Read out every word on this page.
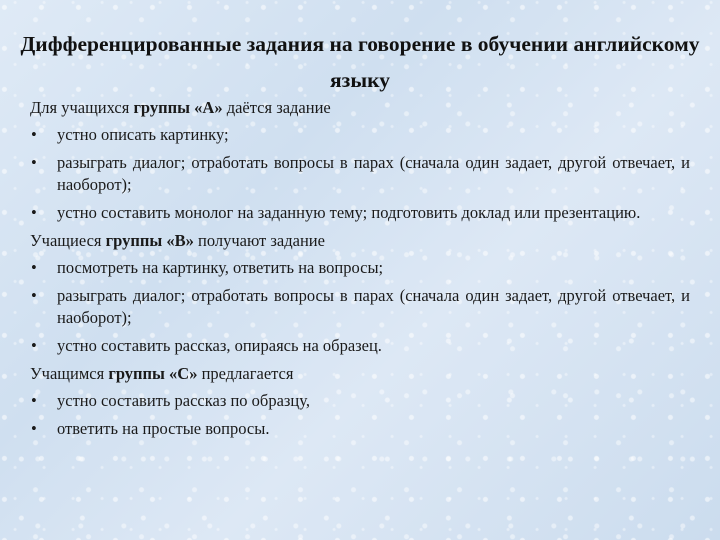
Дифференцированные задания на говорение в обучении английскому языку

Для учащихся группы «А» даётся задание

• устно описать картинку;
• разыграть диалог; отработать вопросы в парах (сначала один задает, другой отвечает, и наоборот);
• устно составить монолог на заданную тему; подготовить доклад или презентацию.

Учащиеся группы «В» получают задание

• посмотреть на картинку, ответить на вопросы;
• разыграть диалог; отработать вопросы в парах (сначала один задает, другой отвечает, и наоборот);
• устно составить рассказ, опираясь на образец.

Учащимся группы «С» предлагается

• устно составить рассказ по образцу,
• ответить на простые вопросы.
